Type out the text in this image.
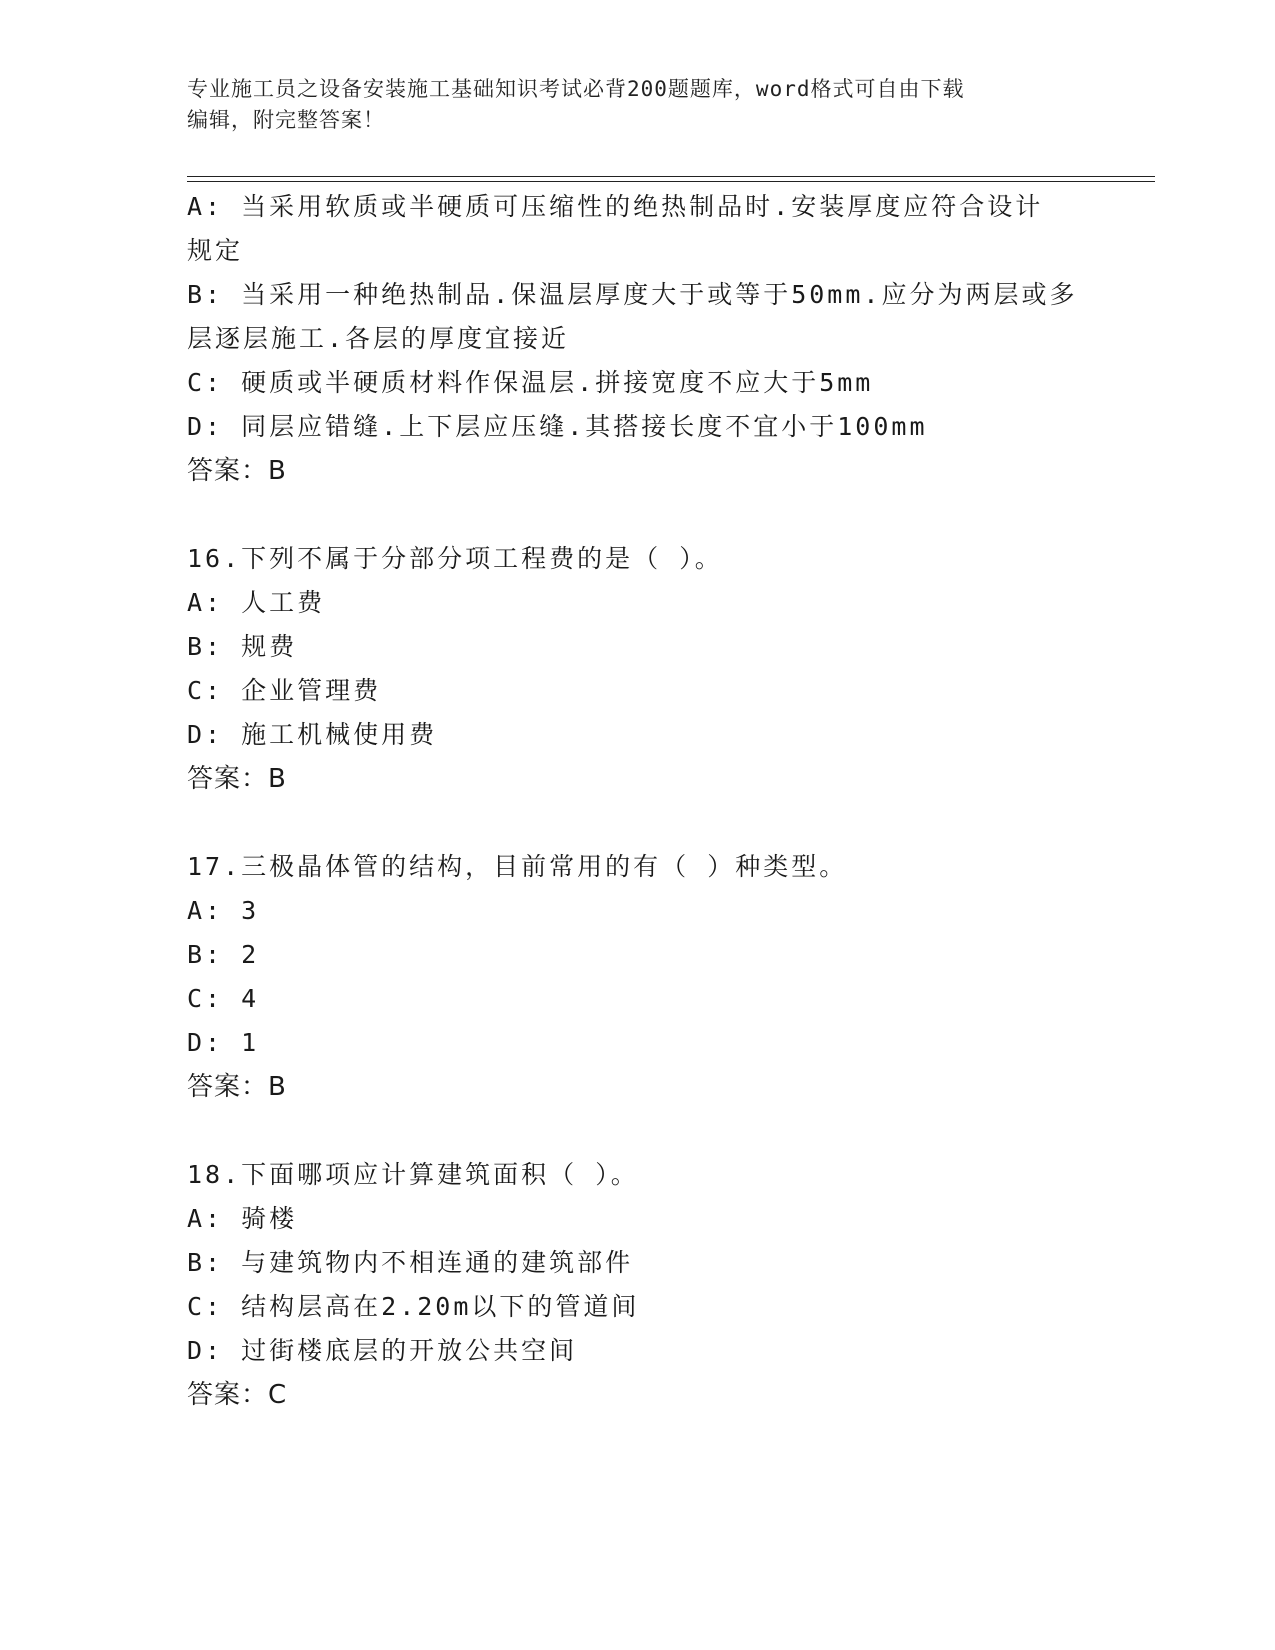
专业施工员之设备安装施工基础知识考试必背200题题库，word格式可自由下载
编辑，附完整答案！
A: 当采用软质或半硬质可压缩性的绝热制品时.安装厚度应符合设计
规定
B: 当采用一种绝热制品.保温层厚度大于或等于50mm.应分为两层或多
层逐层施工.各层的厚度宜接近
C: 硬质或半硬质材料作保温层.拼接宽度不应大于5mm
D: 同层应错缝.上下层应压缝.其搭接长度不宜小于100mm
答案：B
16.下列不属于分部分项工程费的是（ ）。
A: 人工费
B: 规费
C: 企业管理费
D: 施工机械使用费
答案：B
17.三极晶体管的结构，目前常用的有（ ）种类型。
A: 3
B: 2
C: 4
D: 1
答案：B
18.下面哪项应计算建筑面积（ ）。
A: 骑楼
B: 与建筑物内不相连通的建筑部件
C: 结构层高在2.20m以下的管道间
D: 过街楼底层的开放公共空间
答案：C
